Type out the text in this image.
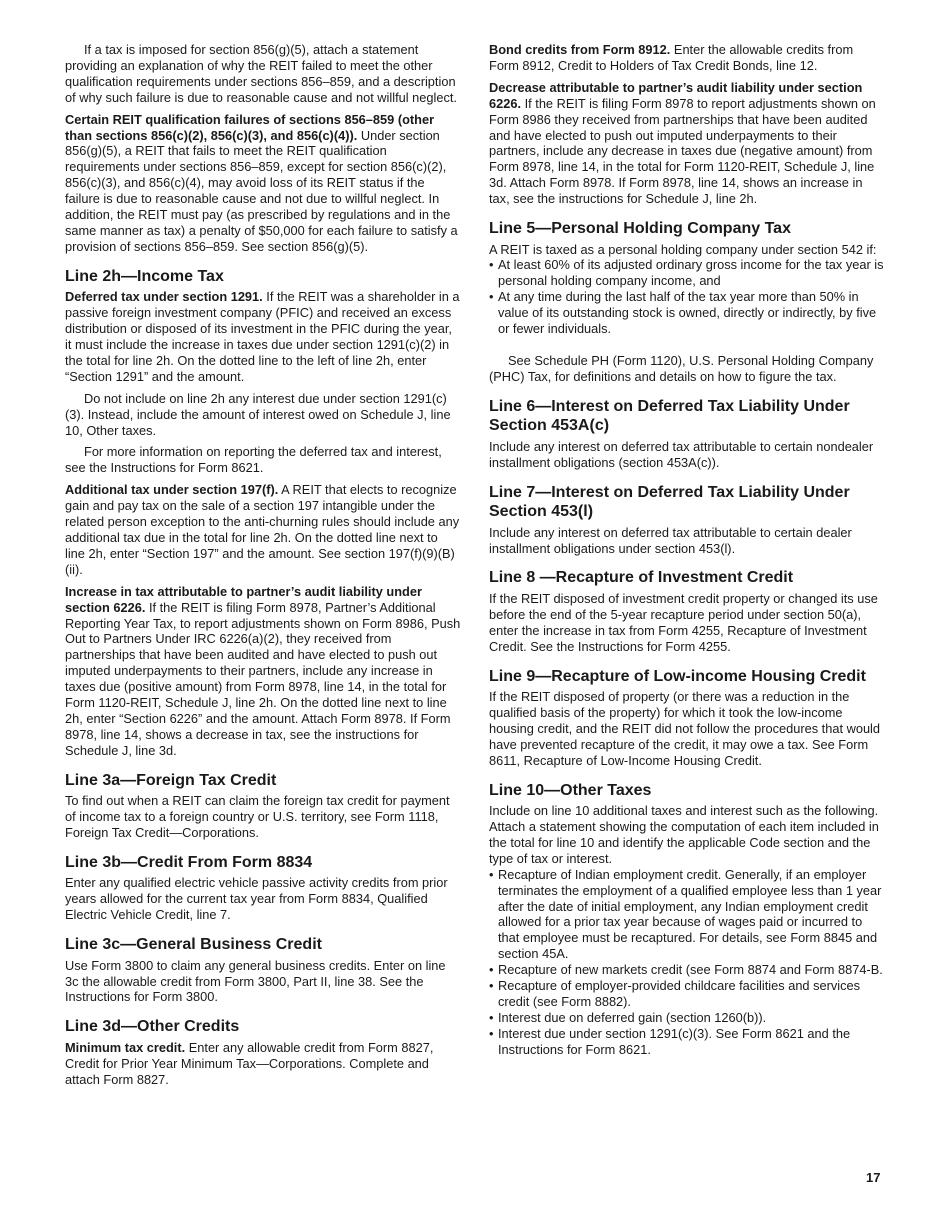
If a tax is imposed for section 856(g)(5), attach a statement providing an explanation of why the REIT failed to meet the other qualification requirements under sections 856–859, and a description of why such failure is due to reasonable cause and not willful neglect.

Certain REIT qualification failures of sections 856–859 (other than sections 856(c)(2), 856(c)(3), and 856(c)(4)). Under section 856(g)(5), a REIT that fails to meet the REIT qualification requirements under sections 856–859, except for section 856(c)(2), 856(c)(3), and 856(c)(4), may avoid loss of its REIT status if the failure is due to reasonable cause and not due to willful neglect. In addition, the REIT must pay (as prescribed by regulations and in the same manner as tax) a penalty of $50,000 for each failure to satisfy a provision of sections 856–859. See section 856(g)(5).

Line 2h—Income Tax

Deferred tax under section 1291. If the REIT was a shareholder in a passive foreign investment company (PFIC) and received an excess distribution or disposed of its investment in the PFIC during the year, it must include the increase in taxes due under section 1291(c)(2) in the total for line 2h. On the dotted line to the left of line 2h, enter “Section 1291” and the amount.

Do not include on line 2h any interest due under section 1291(c)(3). Instead, include the amount of interest owed on Schedule J, line 10, Other taxes.

For more information on reporting the deferred tax and interest, see the Instructions for Form 8621.

Additional tax under section 197(f). A REIT that elects to recognize gain and pay tax on the sale of a section 197 intangible under the related person exception to the anti-churning rules should include any additional tax due in the total for line 2h. On the dotted line next to line 2h, enter “Section 197” and the amount. See section 197(f)(9)(B)(ii).

Increase in tax attributable to partner’s audit liability under section 6226. If the REIT is filing Form 8978, Partner’s Additional Reporting Year Tax, to report adjustments shown on Form 8986, Push Out to Partners Under IRC 6226(a)(2), they received from partnerships that have been audited and have elected to push out imputed underpayments to their partners, include any increase in taxes due (positive amount) from Form 8978, line 14, in the total for Form 1120-REIT, Schedule J, line 2h. On the dotted line next to line 2h, enter “Section 6226” and the amount. Attach Form 8978. If Form 8978, line 14, shows a decrease in tax, see the instructions for Schedule J, line 3d.

Line 3a—Foreign Tax Credit

To find out when a REIT can claim the foreign tax credit for payment of income tax to a foreign country or U.S. territory, see Form 1118, Foreign Tax Credit—Corporations.

Line 3b—Credit From Form 8834

Enter any qualified electric vehicle passive activity credits from prior years allowed for the current tax year from Form 8834, Qualified Electric Vehicle Credit, line 7.

Line 3c—General Business Credit

Use Form 3800 to claim any general business credits. Enter on line 3c the allowable credit from Form 3800, Part II, line 38. See the Instructions for Form 3800.

Line 3d—Other Credits

Minimum tax credit. Enter any allowable credit from Form 8827, Credit for Prior Year Minimum Tax—Corporations. Complete and attach Form 8827.

Bond credits from Form 8912. Enter the allowable credits from Form 8912, Credit to Holders of Tax Credit Bonds, line 12.

Decrease attributable to partner’s audit liability under section 6226. If the REIT is filing Form 8978 to report adjustments shown on Form 8986 they received from partnerships that have been audited and have elected to push out imputed underpayments to their partners, include any decrease in taxes due (negative amount) from Form 8978, line 14, in the total for Form 1120-REIT, Schedule J, line 3d. Attach Form 8978. If Form 8978, line 14, shows an increase in tax, see the instructions for Schedule J, line 2h.

Line 5—Personal Holding Company Tax

A REIT is taxed as a personal holding company under section 542 if:

• At least 60% of its adjusted ordinary gross income for the tax year is personal holding company income, and
• At any time during the last half of the tax year more than 50% in value of its outstanding stock is owned, directly or indirectly, by five or fewer individuals.

See Schedule PH (Form 1120), U.S. Personal Holding Company (PHC) Tax, for definitions and details on how to figure the tax.

Line 6—Interest on Deferred Tax Liability Under Section 453A(c)

Include any interest on deferred tax attributable to certain nondealer installment obligations (section 453A(c)).

Line 7—Interest on Deferred Tax Liability Under Section 453(l)

Include any interest on deferred tax attributable to certain dealer installment obligations under section 453(l).

Line 8 —Recapture of Investment Credit

If the REIT disposed of investment credit property or changed its use before the end of the 5-year recapture period under section 50(a), enter the increase in tax from Form 4255, Recapture of Investment Credit. See the Instructions for Form 4255.

Line 9—Recapture of Low-income Housing Credit

If the REIT disposed of property (or there was a reduction in the qualified basis of the property) for which it took the low-income housing credit, and the REIT did not follow the procedures that would have prevented recapture of the credit, it may owe a tax. See Form 8611, Recapture of Low-Income Housing Credit.

Line 10—Other Taxes

Include on line 10 additional taxes and interest such as the following. Attach a statement showing the computation of each item included in the total for line 10 and identify the applicable Code section and the type of tax or interest.

• Recapture of Indian employment credit. Generally, if an employer terminates the employment of a qualified employee less than 1 year after the date of initial employment, any Indian employment credit allowed for a prior tax year because of wages paid or incurred to that employee must be recaptured. For details, see Form 8845 and section 45A.
• Recapture of new markets credit (see Form 8874 and Form 8874-B.
• Recapture of employer-provided childcare facilities and services credit (see Form 8882).
• Interest due on deferred gain (section 1260(b)).
• Interest due under section 1291(c)(3). See Form 8621 and the Instructions for Form 8621.
17
